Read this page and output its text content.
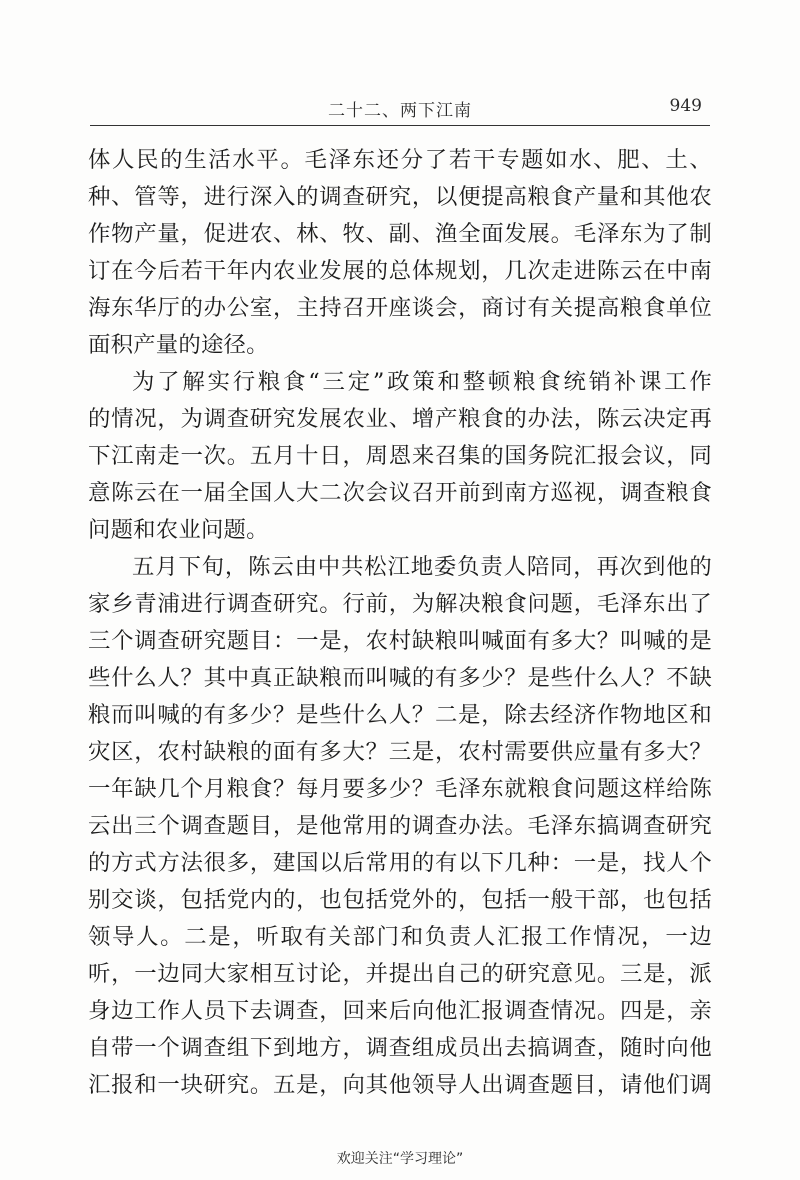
二十二、两下江南	949
体人民的生活水平。毛泽东还分了若干专题如水、肥、土、
种、管等，进行深入的调查研究，以便提高粮食产量和其他农
作物产量，促进农、林、牧、副、渔全面发展。毛泽东为了制
订在今后若干年内农业发展的总体规划，几次走进陈云在中南
海东华厅的办公室，主持召开座谈会，商讨有关提高粮食单位
面积产量的途径。
为了解实行粮食“三定”政策和整顿粮食统销补课工作
的情况，为调查研究发展农业、增产粮食的办法，陈云决定再
下江南走一次。五月十日，周恩来召集的国务院汇报会议，同
意陈云在一届全国人大二次会议召开前到南方巡视，调查粮食
问题和农业问题。
五月下旬，陈云由中共松江地委负责人陪同，再次到他的
家乡青浦进行调查研究。行前，为解决粮食问题，毛泽东出了
三个调查研究题目：一是，农村缺粮叫喊面有多大？叫喊的是
些什么人？其中真正缺粮而叫喊的有多少？是些什么人？不缺
粮而叫喊的有多少？是些什么人？二是，除去经济作物地区和
灾区，农村缺粮的面有多大？三是，农村需要供应量有多大？
一年缺几个月粮食？每月要多少？毛泽东就粮食问题这样给陈
云出三个调查题目，是他常用的调查办法。毛泽东搞调查研究
的方式方法很多，建国以后常用的有以下几种：一是，找人个
别交谈，包括党内的，也包括党外的，包括一般干部，也包括
领导人。二是，听取有关部门和负责人汇报工作情况，一边
听，一边同大家相互讨论，并提出自己的研究意见。三是，派
身边工作人员下去调查，回来后向他汇报调查情况。四是，亲
自带一个调查组下到地方，调查组成员出去搞调查，随时向他
汇报和一块研究。五是，向其他领导人出调查题目，请他们调
欢迎关注“学习理论”
